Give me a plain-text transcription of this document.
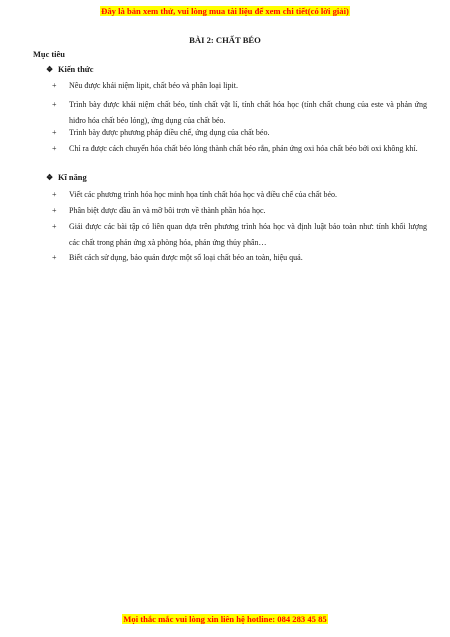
Đây là bản xem thử, vui lòng mua tài liệu để xem chi tiết(có lời giải)
BÀI 2: CHẤT BÉO
Mục tiêu
❖ Kiến thức
+ Nêu được khái niệm lipit, chất béo và phân loại lipit.
+ Trình bày được khái niệm chất béo, tính chất vật lí, tính chất hóa học (tính chất chung của este và phản ứng hiđro hóa chất béo lỏng), ứng dụng của chất béo.
+ Trình bày được phương pháp điều chế, ứng dụng của chất béo.
+ Chỉ ra được cách chuyển hóa chất béo lỏng thành chất béo rắn, phản ứng oxi hóa chất béo bởi oxi không khí.
❖ Kĩ năng
+ Viết các phương trình hóa học minh họa tính chất hóa học và điều chế của chất béo.
+ Phân biệt được dầu ăn và mỡ bôi trơn về thành phần hóa học.
+ Giải được các bài tập có liên quan dựa trên phương trình hóa học và định luật bảo toàn như: tính khối lượng các chất trong phản ứng xà phòng hóa, phản ứng thủy phân…
+ Biết cách sử dụng, bảo quản được một số loại chất béo an toàn, hiệu quả.
Mọi thắc mắc vui lòng xin liên hệ hotline: 084 283 45 85
